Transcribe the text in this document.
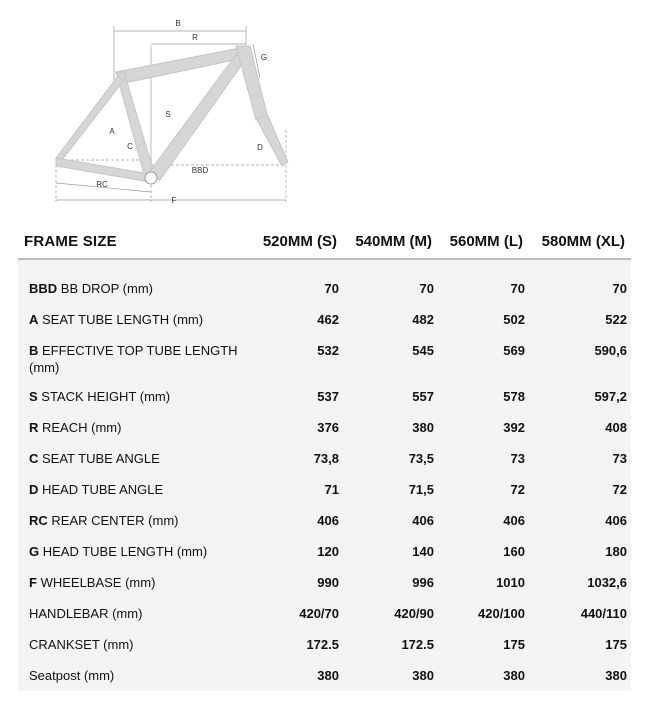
B
R
G
S
A
C	D
BBD
RC
F
FRAME SIZE	520MM (S)	540MM (M)	560MM (L)	580MM (XL)

BBD BB DROP (mm)	70	70	70	70
A SEAT TUBE LENGTH (mm)	462	482	502	522
B EFFECTIVE TOP TUBE LENGTH (mm)	532	545	569	590,6
S STACK HEIGHT (mm)	537	557	578	597,2
R REACH (mm)	376	380	392	408
C SEAT TUBE ANGLE	73,8	73,5	73	73
D HEAD TUBE ANGLE	71	71,5	72	72
RC REAR CENTER (mm)	406	406	406	406
G HEAD TUBE LENGTH (mm)	120	140	160	180
F WHEELBASE (mm)	990	996	1010	1032,6
HANDLEBAR (mm)	420/70	420/90	420/100	440/110
CRANKSET (mm)	172.5	172.5	175	175
Seatpost (mm)	380	380	380	380
